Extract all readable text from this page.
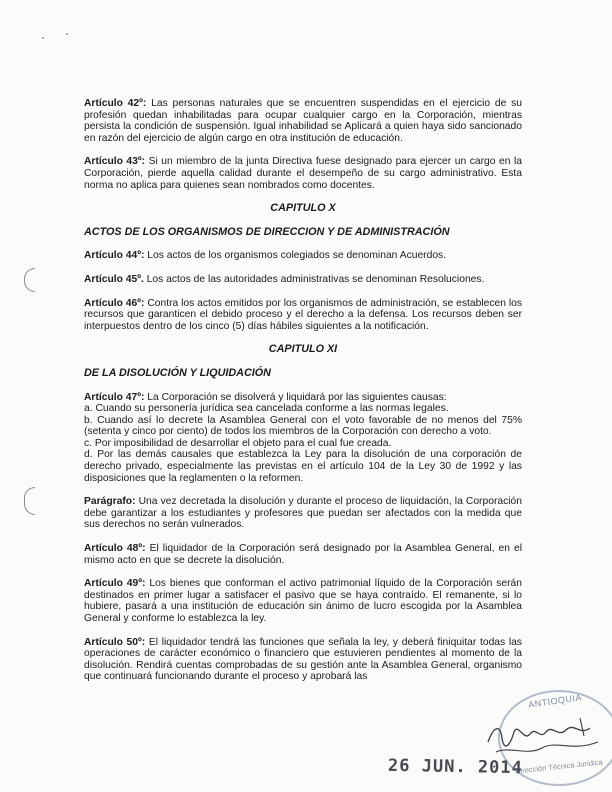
Artículo 42º: Las personas naturales que se encuentren suspendidas en el ejercicio de su profesión quedan inhabilitadas para ocupar cualquier cargo en la Corporación, mientras persista la condición de suspensión. Igual inhabilidad se Aplicará a quien haya sido sancionado en razón del ejercicio de algún cargo en otra institución de educación.

Artículo 43º: Si un miembro de la junta Directiva fuese designado para ejercer un cargo en la Corporación, pierde aquella calidad durante el desempeño de su cargo administrativo. Esta norma no aplica para quienes sean nombrados como docentes.

CAPITULO X

ACTOS DE LOS ORGANISMOS DE DIRECCION Y DE ADMINISTRACIÓN

Artículo 44º: Los actos de los organismos colegiados se denominan Acuerdos.

Artículo 45º. Los actos de las autoridades administrativas se denominan Resoluciones.

Artículo 46º: Contra los actos emitidos por los organismos de administración, se establecen los recursos que garanticen el debido proceso y el derecho a la defensa. Los recursos deben ser interpuestos dentro de los cinco (5) días hábiles siguientes a la notificación.

CAPITULO XI

DE LA DISOLUCIÓN Y LIQUIDACIÓN

Artículo 47º: La Corporación se disolverá y liquidará por las siguientes causas:

a. Cuando su personería jurídica sea cancelada conforme a las normas legales.

b. Cuando así lo decrete la Asamblea General con el voto favorable de no menos del 75% (setenta y cinco por ciento) de todos los miembros de la Corporación con derecho a voto.

c. Por imposibilidad de desarrollar el objeto para el cual fue creada.

d. Por las demás causales que establezca la Ley para la disolución de una corporación de derecho privado, especialmente las previstas en el artículo 104 de la Ley 30 de 1992 y las disposiciones que la reglamenten o la reformen.

Parágrafo: Una vez decretada la disolución y durante el proceso de liquidación, la Corporación debe garantizar a los estudiantes y profesores que puedan ser afectados con la medida que sus derechos no serán vulnerados.

Artículo 48º: El liquidador de la Corporación será designado por la Asamblea General, en el mismo acto en que se decrete la disolución.

Artículo 49º: Los bienes que conforman el activo patrimonial líquido de la Corporación serán destinados en primer lugar a satisfacer el pasivo que se haya contraído. El remanente, si lo hubiere, pasará a una institución de educación sin ánimo de lucro escogida por la Asamblea General y conforme lo establezca la ley.

Artículo 50º: El liquidador tendrá las funciones que señala la ley, y deberá finiquitar todas las operaciones de carácter económico o financiero que estuvieren pendientes al momento de la disolución. Rendirá cuentas comprobadas de su gestión ante la Asamblea General, organismo que continuará funcionando durante el proceso y aprobará las

ANTIOQUIA
Dirección Técnica Jurídica
26 JUN. 2014
